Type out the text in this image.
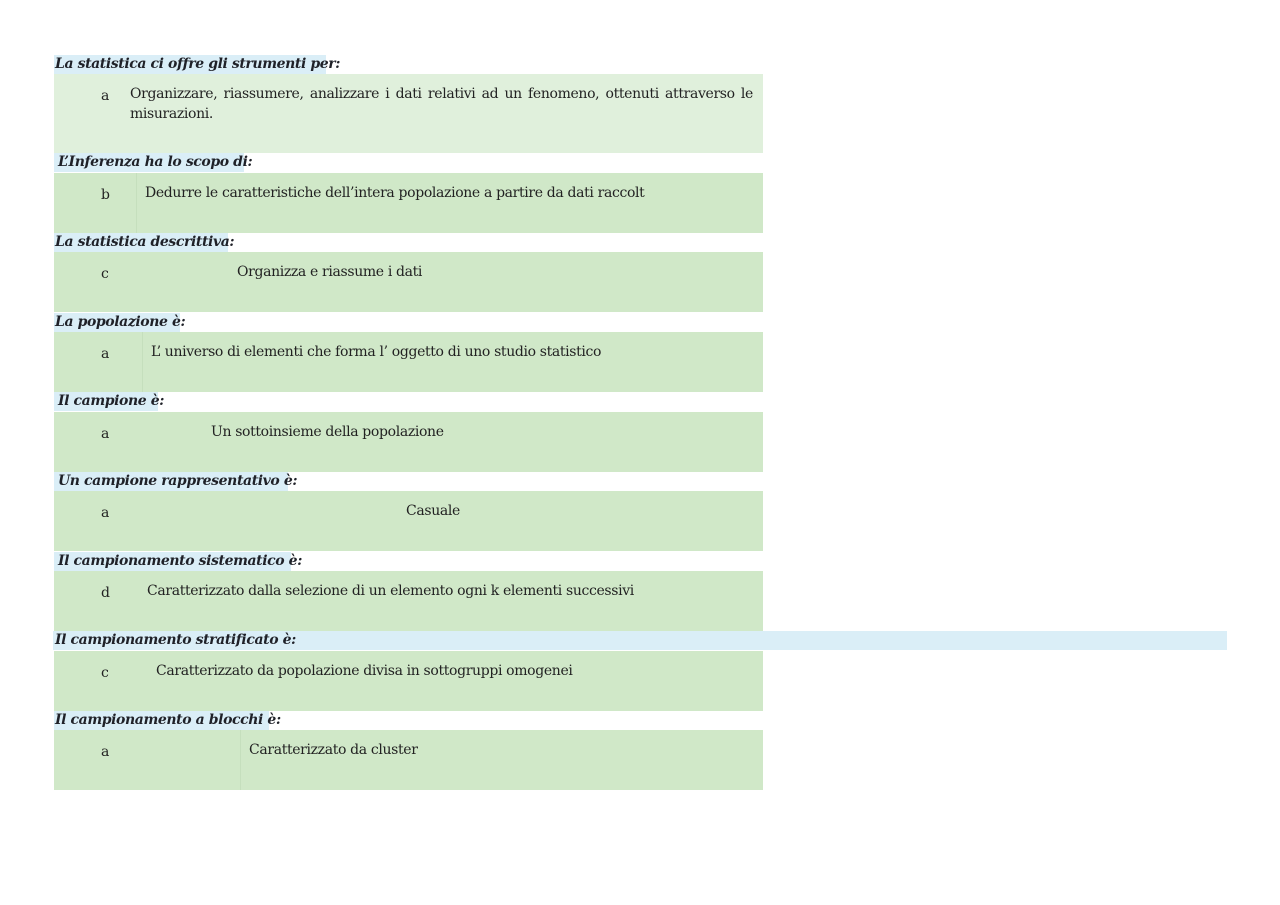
La statistica ci offre gli strumenti per:
a Organizzare, riassumere, analizzare i dati relativi ad un fenomeno, ottenuti attraverso le misurazioni.
L’Inferenza ha lo scopo di:
b	Dedurre le caratteristiche dell’intera popolazione a partire da dati raccolt
La statistica descrittiva:
c	Organizza e riassume i dati
La popolazione è:
a	L’ universo di elementi che forma l’ oggetto di uno studio statistico
Il campione è:
a	Un sottoinsieme della popolazione
Un campione rappresentativo è:
a	Casuale
Il campionamento sistematico è:
d	Caratterizzato dalla selezione di un elemento ogni k elementi successivi
Il campionamento stratificato è:
c	Caratterizzato da popolazione divisa in sottogruppi omogenei
Il campionamento a blocchi è:
a	Caratterizzato da cluster
